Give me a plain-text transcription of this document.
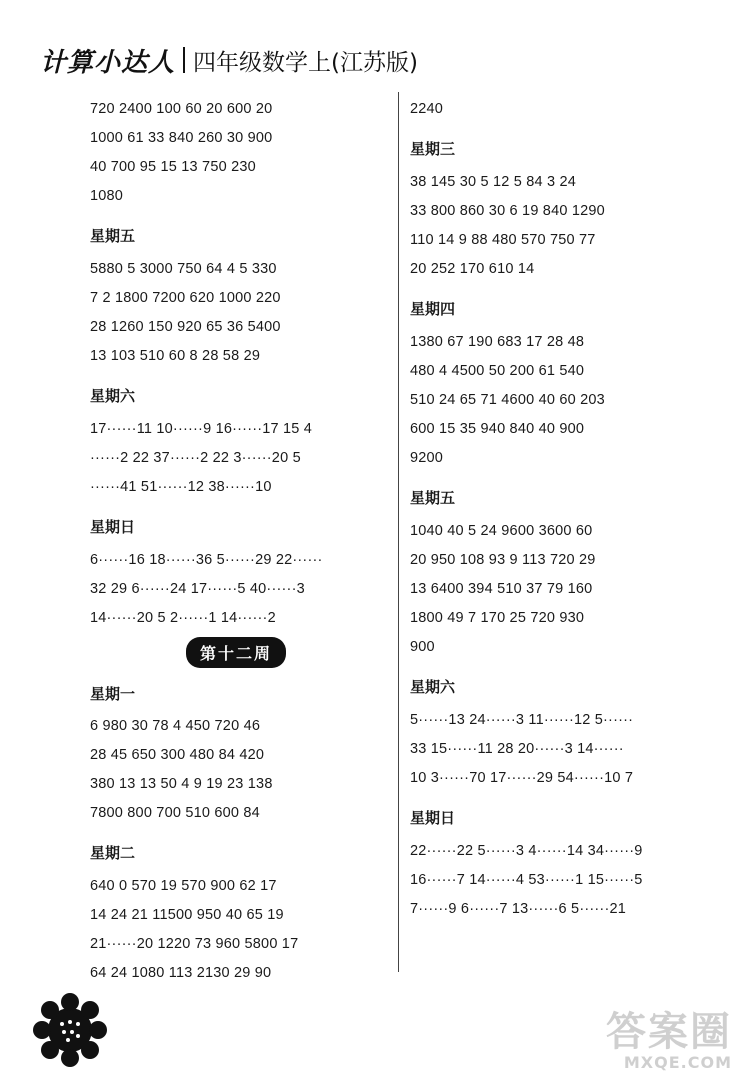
计算小达人 四年级数学上(江苏版)
720 2400 100 60 20 600 20
1000 61 33 840 260 30 900
40 700 95 15 13 750 230
1080
星期五
5880 5 3000 750 64 4 5 330
7 2 1800 7200 620 1000 220
28 1260 150 920 65 36 5400
13 103 510 60 8 28 58 29
星期六
17······11 10······9 16······17 15 4
······2 22 37······2 22 3······20 5
······41 51······12 38······10
星期日
6······16 18······36 5······29 22······
32 29 6······24 17······5 40······3
14······20 5 2······1 14······2
第十二周
星期一
6 980 30 78 4 450 720 46
28 45 650 300 480 84 420
380 13 13 50 4 9 19 23 138
7800 800 700 510 600 84
星期二
640 0 570 19 570 900 62 17
14 24 21 11500 950 40 65 19
21······20 1220 73 960 5800 17
64 24 1080 113 2130 29 90
2240
星期三
38 145 30 5 12 5 84 3 24
33 800 860 30 6 19 840 1290
110 14 9 88 480 570 750 77
20 252 170 610 14
星期四
1380 67 190 683 17 28 48
480 4 4500 50 200 61 540
510 24 65 71 4600 40 60 203
600 15 35 940 840 40 900
9200
星期五
1040 40 5 24 9600 3600 60
20 950 108 93 9 113 720 29
13 6400 394 510 37 79 160
1800 49 7 170 25 720 930
900
星期六
5······13 24······3 11······12 5······
33 15······11 28 20······3 14······
10 3······70 17······29 54······10 7
星期日
22······22 5······3 4······14 34······9
16······7 14······4 53······1 15······5
7······9 6······7 13······6 5······21
答案圈
MXQE.COM
